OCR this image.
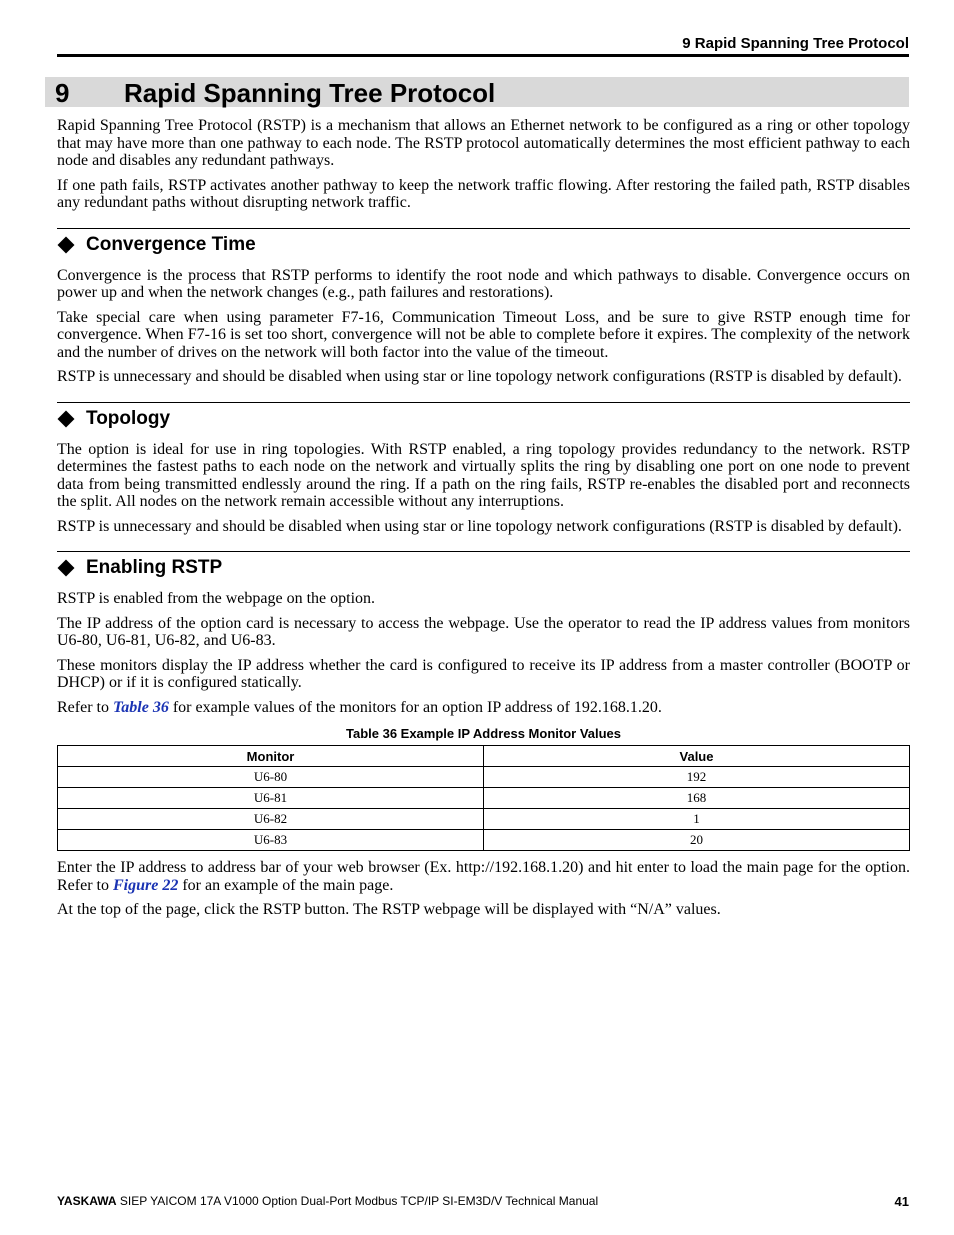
9 Rapid Spanning Tree Protocol
9 Rapid Spanning Tree Protocol

Rapid Spanning Tree Protocol (RSTP) is a mechanism that allows an Ethernet network to be configured as a ring or other topology that may have more than one pathway to each node. The RSTP protocol automatically determines the most efficient pathway to each node and disables any redundant pathways.

If one path fails, RSTP activates another pathway to keep the network traffic flowing. After restoring the failed path, RSTP disables any redundant paths without disrupting network traffic.

Convergence Time

Convergence is the process that RSTP performs to identify the root node and which pathways to disable. Convergence occurs on power up and when the network changes (e.g., path failures and restorations).

Take special care when using parameter F7-16, Communication Timeout Loss, and be sure to give RSTP enough time for convergence. When F7-16 is set too short, convergence will not be able to complete before it expires. The complexity of the network and the number of drives on the network will both factor into the value of the timeout.

RSTP is unnecessary and should be disabled when using star or line topology network configurations (RSTP is disabled by default).

Topology

The option is ideal for use in ring topologies. With RSTP enabled, a ring topology provides redundancy to the network. RSTP determines the fastest paths to each node on the network and virtually splits the ring by disabling one port on one node to prevent data from being transmitted endlessly around the ring. If a path on the ring fails, RSTP re-enables the disabled port and reconnects the split. All nodes on the network remain accessible without any interruptions.

RSTP is unnecessary and should be disabled when using star or line topology network configurations (RSTP is disabled by default).

Enabling RSTP

RSTP is enabled from the webpage on the option.

The IP address of the option card is necessary to access the webpage. Use the operator to read the IP address values from monitors U6-80, U6-81, U6-82, and U6-83.

These monitors display the IP address whether the card is configured to receive its IP address from a master controller (BOOTP or DHCP) or if it is configured statically.

Refer to Table 36 for example values of the monitors for an option IP address of 192.168.1.20.

Table 36 Example IP Address Monitor Values
Monitor	Value
U6-80	192
U6-81	168
U6-82	1
U6-83	20

Enter the IP address to address bar of your web browser (Ex. http://192.168.1.20) and hit enter to load the main page for the option. Refer to Figure 22 for an example of the main page.

At the top of the page, click the RSTP button. The RSTP webpage will be displayed with “N/A” values.

YASKAWA SIEP YAICOM 17A V1000 Option Dual-Port Modbus TCP/IP SI-EM3D/V Technical Manual	41
